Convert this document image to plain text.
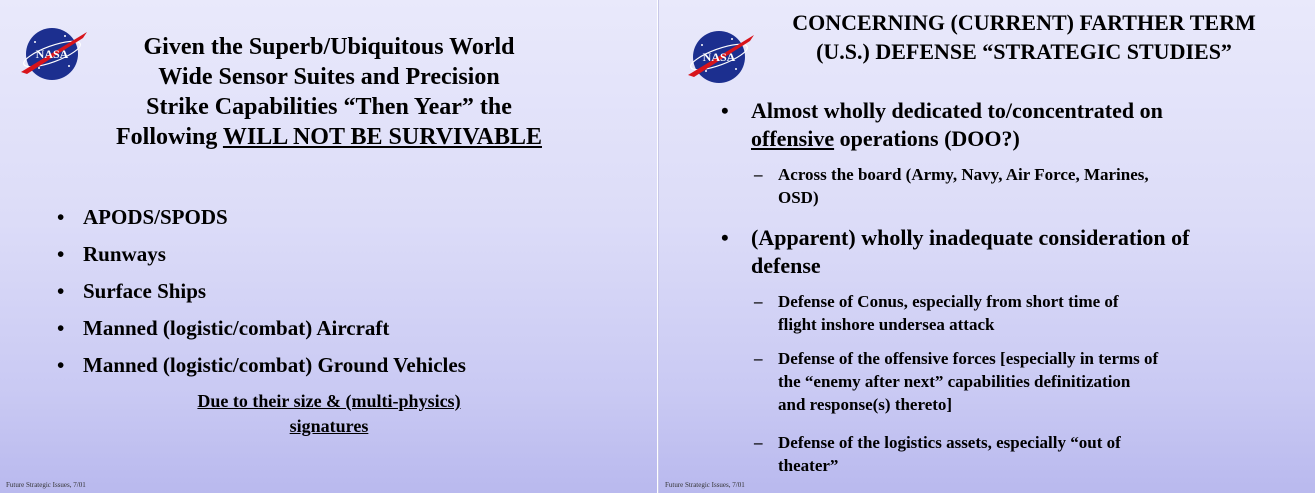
NASA	Given the Superb/Ubiquitous World
Wide Sensor Suites and Precision
Strike Capabilities “Then Year” the
Following WILL NOT BE SURVIVABLE
• APODS/SPODS
• Runways
• Surface Ships
• Manned (logistic/combat) Aircraft
• Manned (logistic/combat) Ground Vehicles
Due to their size & (multi-physics)
signatures
Future Strategic Issues, 7/01
NASA
CONCERNING (CURRENT) FARTHER TERM
(U.S.) DEFENSE “STRATEGIC STUDIES”
• Almost wholly dedicated to/concentrated on
offensive operations (DOO?)
– Across the board (Army, Navy, Air Force, Marines,
OSD)
• (Apparent) wholly inadequate consideration of
defense
– Defense of Conus, especially from short time of
flight inshore undersea attack
– Defense of the offensive forces [especially in terms of
the “enemy after next” capabilities definitization
and response(s) thereto]
– Defense of the logistics assets, especially “out of
theater”
Future Strategic Issues, 7/01
